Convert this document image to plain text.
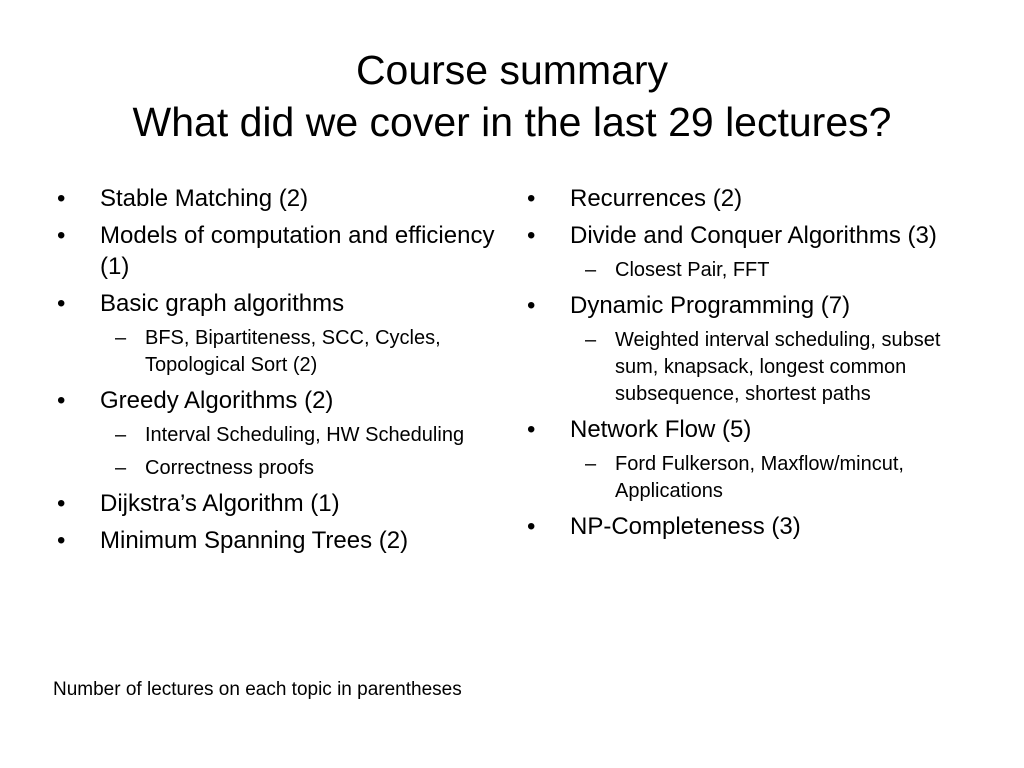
Course summary
What did we cover in the last 29 lectures?
• Stable Matching (2)
• Models of computation and efficiency (1)
• Basic graph algorithms
– BFS, Bipartiteness, SCC, Cycles, Topological Sort (2)
• Greedy Algorithms (2)
– Interval Scheduling, HW Scheduling
– Correctness proofs
• Dijkstra’s Algorithm (1)
• Minimum Spanning Trees (2)
• Recurrences (2)
• Divide and Conquer Algorithms (3)
– Closest Pair, FFT
• Dynamic Programming (7)
– Weighted interval scheduling, subset sum, knapsack, longest common subsequence, shortest paths
• Network Flow (5)
– Ford Fulkerson, Maxflow/mincut, Applications
• NP-Completeness (3)
Number of lectures on each topic in parentheses
